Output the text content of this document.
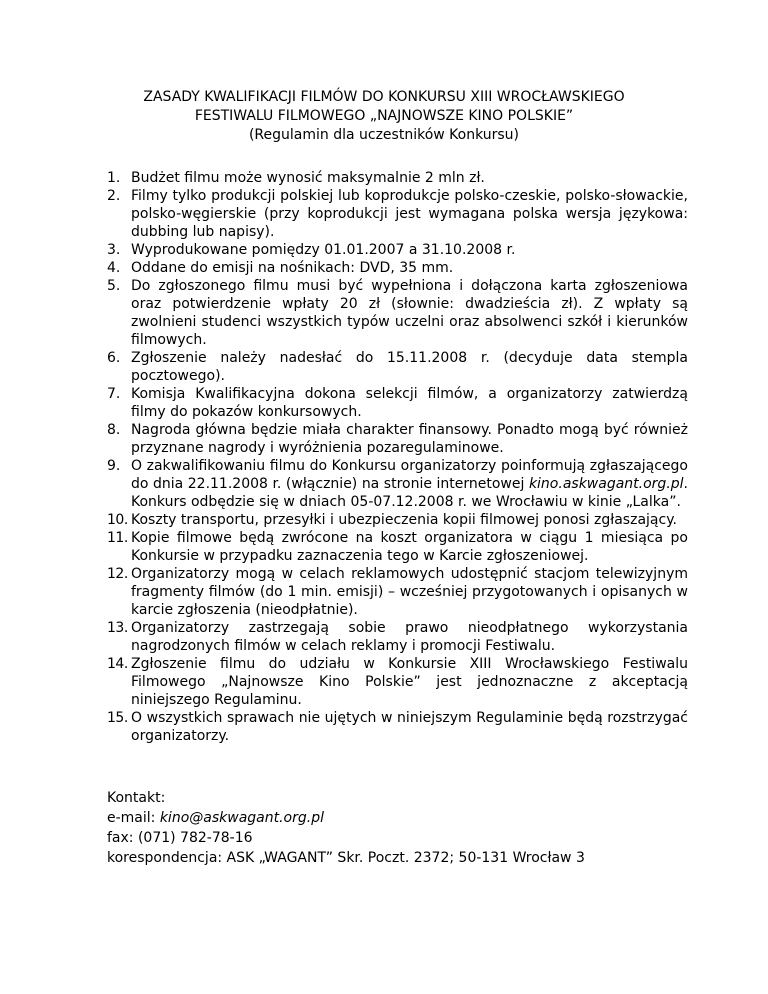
ZASADY KWALIFIKACJI FILMÓW DO KONKURSU XIII WROCŁAWSKIEGO
FESTIWALU FILMOWEGO „NAJNOWSZE KINO POLSKIE”
(Regulamin dla uczestników Konkursu)
1. Budżet filmu może wynosić maksymalnie 2 mln zł.
2. Filmy tylko produkcji polskiej lub koprodukcje polsko-czeskie, polsko-słowackie, polsko-węgierskie (przy koprodukcji jest wymagana polska wersja językowa: dubbing lub napisy).
3. Wyprodukowane pomiędzy 01.01.2007 a 31.10.2008 r.
4. Oddane do emisji na nośnikach: DVD, 35 mm.
5. Do zgłoszonego filmu musi być wypełniona i dołączona karta zgłoszeniowa oraz potwierdzenie wpłaty 20 zł (słownie: dwadzieścia zł). Z wpłaty są zwolnieni studenci wszystkich typów uczelni oraz absolwenci szkół i kierunków filmowych.
6. Zgłoszenie należy nadesłać do 15.11.2008 r. (decyduje data stempla pocztowego).
7. Komisja Kwalifikacyjna dokona selekcji filmów, a organizatorzy zatwierdzą filmy do pokazów konkursowych.
8. Nagroda główna będzie miała charakter finansowy. Ponadto mogą być również przyznane nagrody i wyróżnienia pozaregulaminowe.
9. O zakwalifikowaniu filmu do Konkursu organizatorzy poinformują zgłaszającego do dnia 22.11.2008 r. (włącznie) na stronie internetowej kino.askwagant.org.pl. Konkurs odbędzie się w dniach 05-07.12.2008 r. we Wrocławiu w kinie „Lalka”.
10. Koszty transportu, przesyłki i ubezpieczenia kopii filmowej ponosi zgłaszający.
11. Kopie filmowe będą zwrócone na koszt organizatora w ciągu 1 miesiąca po Konkursie w przypadku zaznaczenia tego w Karcie zgłoszeniowej.
12. Organizatorzy mogą w celach reklamowych udostępnić stacjom telewizyjnym fragmenty filmów (do 1 min. emisji) – wcześniej przygotowanych i opisanych w karcie zgłoszenia (nieodpłatnie).
13. Organizatorzy zastrzegają sobie prawo nieodpłatnego wykorzystania nagrodzonych filmów w celach reklamy i promocji Festiwalu.
14. Zgłoszenie filmu do udziału w Konkursie XIII Wrocławskiego Festiwalu Filmowego „Najnowsze Kino Polskie” jest jednoznaczne z akceptacją niniejszego Regulaminu.
15. O wszystkich sprawach nie ujętych w niniejszym Regulaminie będą rozstrzygać organizatorzy.
Kontakt:
e-mail: kino@askwagant.org.pl
fax: (071) 782-78-16
korespondencja: ASK „WAGANT” Skr. Poczt. 2372; 50-131 Wrocław 3
